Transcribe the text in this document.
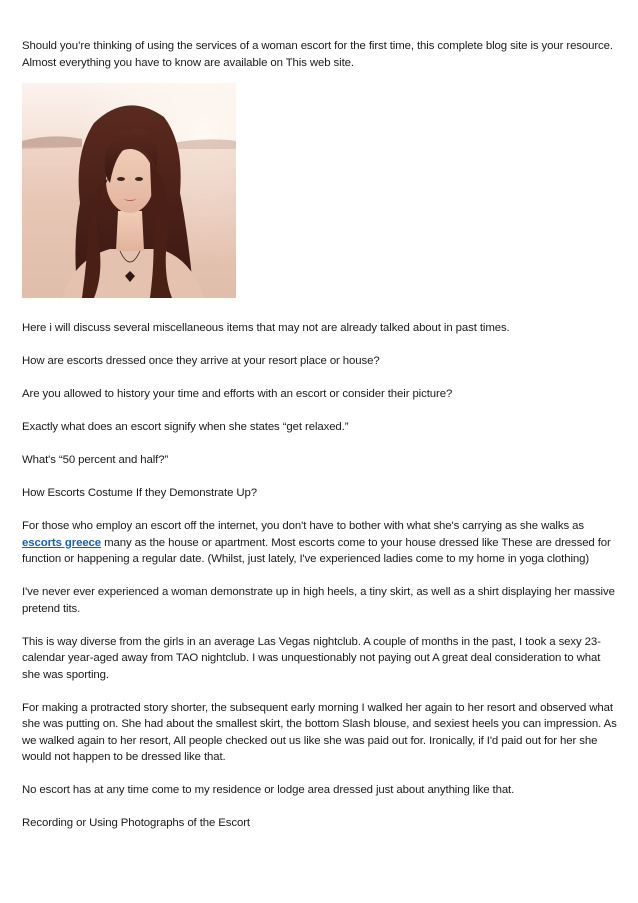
Should you’re thinking of using the services of a woman escort for the first time, this complete blog site is your resource. Almost everything you have to know are available on This web site.

Here i will discuss several miscellaneous items that may not are already talked about in past times.

How are escorts dressed once they arrive at your resort place or house?

Are you allowed to history your time and efforts with an escort or consider their picture?

Exactly what does an escort signify when she states “get relaxed.”

What's “50 percent and half?”

How Escorts Costume If they Demonstrate Up?

For those who employ an escort off the internet, you don't have to bother with what she's carrying as she walks as escorts greece many as the house or apartment. Most escorts come to your house dressed like These are dressed for function or happening a regular date. (Whilst, just lately, I've experienced ladies come to my home in yoga clothing)

I've never ever experienced a woman demonstrate up in high heels, a tiny skirt, as well as a shirt displaying her massive pretend tits.

This is way diverse from the girls in an average Las Vegas nightclub. A couple of months in the past, I took a sexy 23-calendar year-aged away from TAO nightclub. I was unquestionably not paying out A great deal consideration to what she was sporting.

For making a protracted story shorter, the subsequent early morning I walked her again to her resort and observed what she was putting on. She had about the smallest skirt, the bottom Slash blouse, and sexiest heels you can impression. As we walked again to her resort, All people checked out us like she was paid out for. Ironically, if I'd paid out for her she would not happen to be dressed like that.

No escort has at any time come to my residence or lodge area dressed just about anything like that.

Recording or Using Photographs of the Escort
